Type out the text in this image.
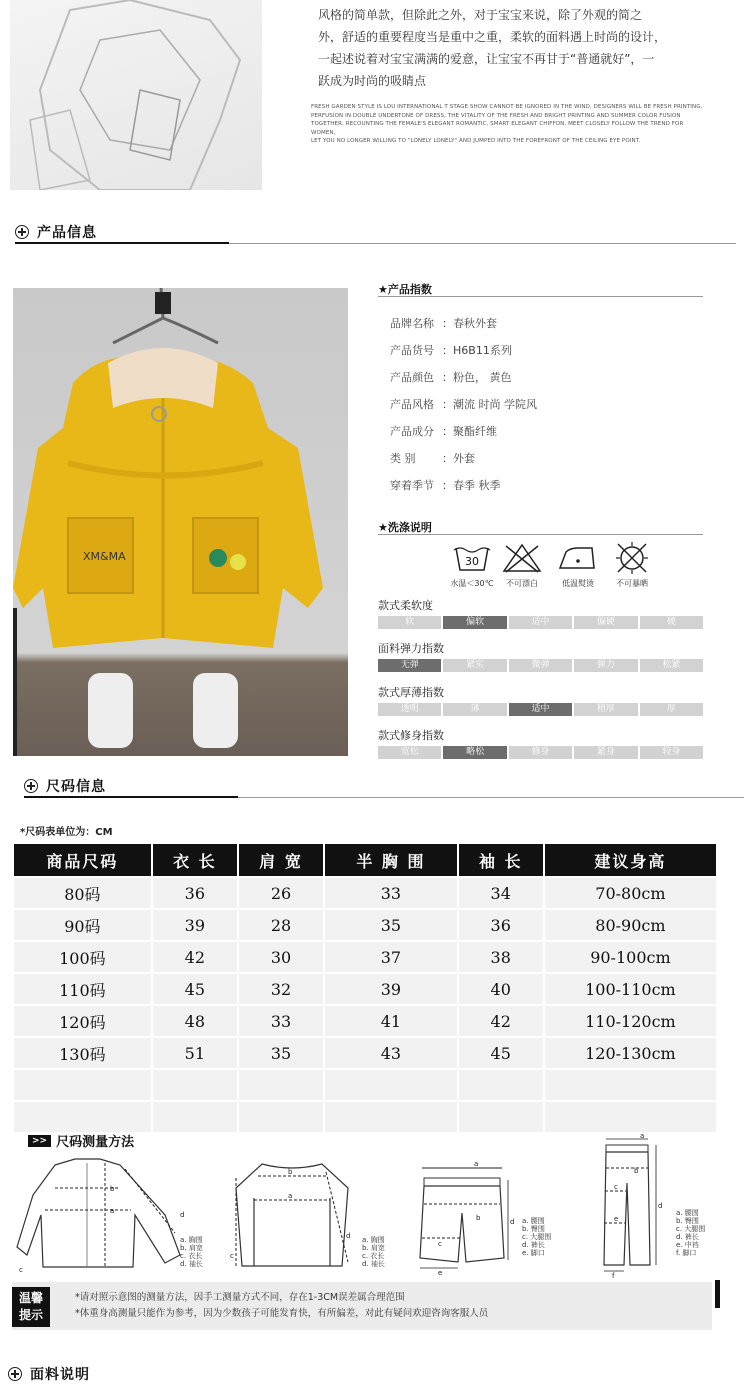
风格的简单款，但除此之外，对于宝宝来说，除了外观的简之
外，舒适的重要程度当是重中之重，柔软的面料遇上时尚的设计，
一起述说着对宝宝满满的爱意，让宝宝不再甘于“普通就好”，一
跃成为时尚的吸睛点
FRESH GARDEN STYLE IS LOU INTERNATIONAL T STAGE SHOW CANNOT BE IGNORED IN THE WIND, DESIGNERS WILL BE FRESH PRINTING,
PERFUSION IN DOUBLE UNDERTONE OF DRESS, THE VITALITY OF THE FRESH AND BRIGHT PRINTING AND SUMMER COLOR FUSION
TOGETHER, RECOUNTING THE FEMALE'S ELEGANT ROMANTIC, SMART ELEGANT CHIFFON, MEET CLOSELY FOLLOW THE TREND FOR WOMEN,
LET YOU NO LONGER WILLING TO "LONELY LONELY" AND JUMPED INTO THE FOREFRONT OF THE CEILING EYE POINT.
产品信息
XM&MA
★产品指数
品牌名称 ：春秋外套
产品货号 ：H6B11系列
产品颜色 ：粉色， 黄色
产品风格 ：潮流 时尚 学院风
产品成分 ：聚酯纤维
类 别 ：外套
穿着季节 ：春季 秋季
★洗涤说明
30
水温＜30℃	不可漂白	低温熨烫	不可暴晒
款式柔软度
软	偏软	适中	偏硬	硬
面料弹力指数
无弹	紧实	微弹	弹力	松紧
款式厚薄指数
透明	薄	适中	稍厚	厚
款式修身指数
宽松	略松	修身	紧身	较身
尺码信息
*尺码表单位为：CM
商品尺码	衣 长	肩 宽	半 胸 围	袖 长	建议身高
80码	36	26	33	34	70-80cm
90码	39	28	35	36	80-90cm
100码	42	30	37	38	90-100cm
110码	45	32	39	40	100-110cm
120码	48	33	41	42	110-120cm
130码	51	35	43	45	120-130cm

>> 尺码测量方法
b
a
c
d
a. 胸围
b. 肩宽
c. 衣长
d. 袖长
b
a
c
d a. 胸围
b. 肩宽
c. 衣长
d. 袖长
a
b
c
d
e
a. 腰围
b. 臀围
c. 大腿围
d. 裤长
e. 脚口
a
b
c
d
e
f
a. 腰围
b. 臀围
c. 大腿围
d. 裤长
e. 中裆
f. 脚口
温馨
提示
*请对照示意图的测量方法，因手工测量方式不同，存在1-3CM误差属合理范围
*体重身高测量只能作为参考，因为少数孩子可能发育快，有所偏差，对此有疑问欢迎咨询客服人员
面料说明
